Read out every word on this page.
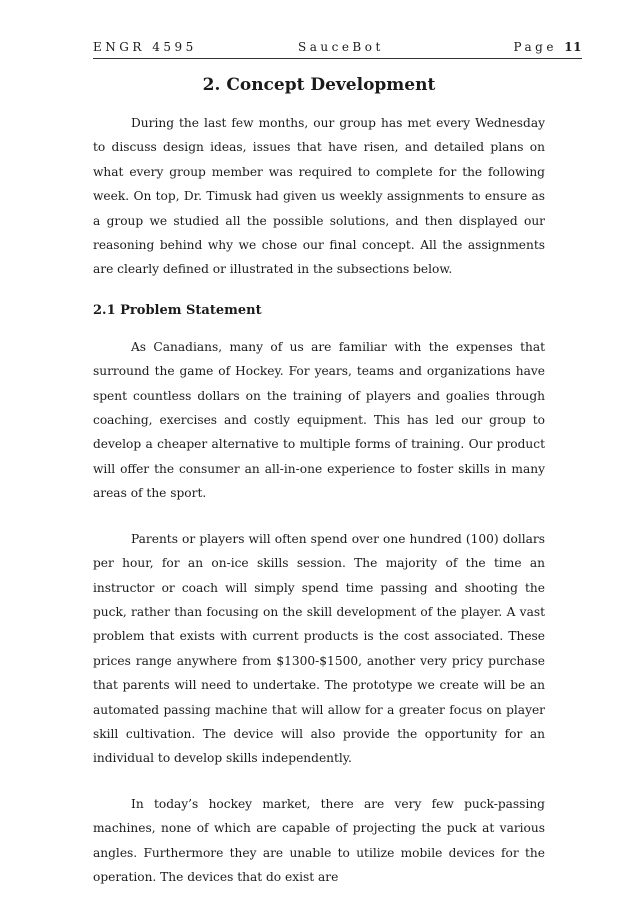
ENGR 4595	SauceBot	Page 11
2. Concept Development

During the last few months, our group has met every Wednesday to discuss design ideas, issues that have risen, and detailed plans on what every group member was required to complete for the following week. On top, Dr. Timusk had given us weekly assignments to ensure as a group we studied all the possible solutions, and then displayed our reasoning behind why we chose our final concept. All the assignments are clearly defined or illustrated in the subsections below.

2.1 Problem Statement

As Canadians, many of us are familiar with the expenses that surround the game of Hockey. For years, teams and organizations have spent countless dollars on the training of players and goalies through coaching, exercises and costly equipment. This has led our group to develop a cheaper alternative to multiple forms of training. Our product will offer the consumer an all-in-one experience to foster skills in many areas of the sport.

Parents or players will often spend over one hundred (100) dollars per hour, for an on-ice skills session. The majority of the time an instructor or coach will simply spend time passing and shooting the puck, rather than focusing on the skill development of the player. A vast problem that exists with current products is the cost associated. These prices range anywhere from $1300-$1500, another very pricy purchase that parents will need to undertake. The prototype we create will be an automated passing machine that will allow for a greater focus on player skill cultivation. The device will also provide the opportunity for an individual to develop skills independently.

In today’s hockey market, there are very few puck-passing machines, none of which are capable of projecting the puck at various angles. Furthermore they are unable to utilize mobile devices for the operation. The devices that do exist are
